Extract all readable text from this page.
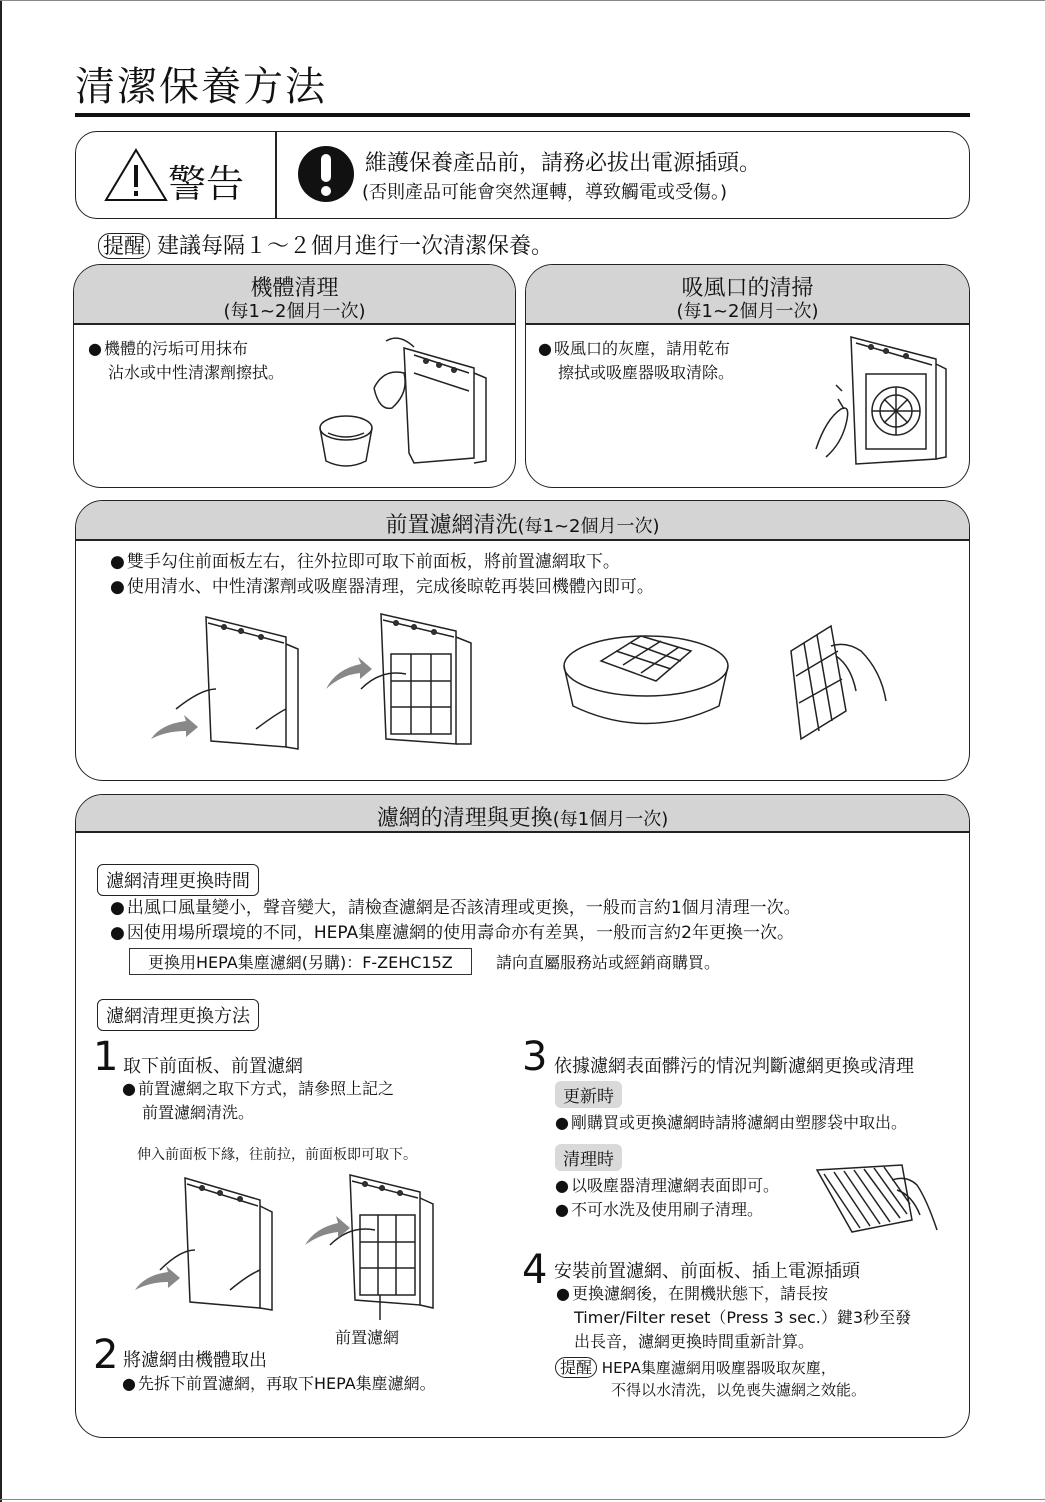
清潔保養方法
警告	維護保養產品前，請務必拔出電源插頭。
(否則產品可能會突然運轉，導致觸電或受傷。)
提醒 建議每隔１～２個月進行一次清潔保養。
機體清理
(每1~2個月一次)
● 機體的污垢可用抹布
沾水或中性清潔劑擦拭。
吸風口的清掃
(每1~2個月一次)
● 吸風口的灰塵，請用乾布
擦拭或吸塵器吸取清除。
前置濾網清洗(每1~2個月一次)
● 雙手勾住前面板左右，往外拉即可取下前面板，將前置濾網取下。
● 使用清水、中性清潔劑或吸塵器清理，完成後晾乾再裝回機體內即可。
濾網的清理與更換(每1個月一次)
濾網清理更換時間
● 出風口風量變小，聲音變大，請檢查濾網是否該清理或更換，一般而言約1個月清理一次。
● 因使用場所環境的不同，HEPA集塵濾網的使用壽命亦有差異，一般而言約2年更換一次。
更換用HEPA集塵濾網(另購)：F-ZEHC15Z	請向直屬服務站或經銷商購買。
濾網清理更換方法
1 取下前面板、前置濾網
● 前置濾網之取下方式，請參照上記之
前置濾網清洗。
伸入前面板下緣，往前拉，前面板即可取下。
前置濾網
2 將濾網由機體取出
● 先拆下前置濾網，再取下HEPA集塵濾網。
3 依據濾網表面髒污的情況判斷濾網更換或清理
更新時
● 剛購買或更換濾網時請將濾網由塑膠袋中取出。
清理時
● 以吸塵器清理濾網表面即可。
● 不可水洗及使用刷子清理。
4 安裝前置濾網、前面板、插上電源插頭
● 更換濾網後，在開機狀態下，請長按
Timer/Filter reset（Press 3 sec.）鍵3秒至發
出長音，濾網更換時間重新計算。
提醒 HEPA集塵濾網用吸塵器吸取灰塵，
不得以水清洗，以免喪失濾網之效能。
